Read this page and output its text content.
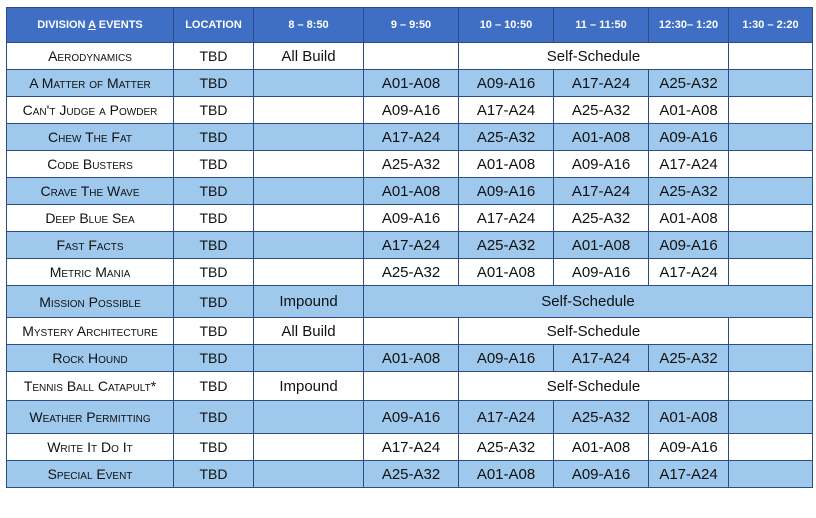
DIVISION A EVENTS	LOCATION	8 – 8:50	9 – 9:50	10 – 10:50	11 – 11:50	12:30– 1:20	1:30 – 2:20
Aerodynamics	TBD	All Build		Self-Schedule			
A Matter of Matter	TBD		A01-A08	A09-A16	A17-A24	A25-A32	
Can't Judge a Powder	TBD		A09-A16	A17-A24	A25-A32	A01-A08	
Chew The Fat	TBD		A17-A24	A25-A32	A01-A08	A09-A16	
Code Busters	TBD		A25-A32	A01-A08	A09-A16	A17-A24	
Crave The Wave	TBD		A01-A08	A09-A16	A17-A24	A25-A32	
Deep Blue Sea	TBD		A09-A16	A17-A24	A25-A32	A01-A08	
Fast Facts	TBD		A17-A24	A25-A32	A01-A08	A09-A16	
Metric Mania	TBD		A25-A32	A01-A08	A09-A16	A17-A24	
Mission Possible	TBD	Impound	Self-Schedule				
Mystery Architecture	TBD	All Build		Self-Schedule			
Rock Hound	TBD		A01-A08	A09-A16	A17-A24	A25-A32	
Tennis Ball Catapult*	TBD	Impound		Self-Schedule			
Weather Permitting	TBD		A09-A16	A17-A24	A25-A32	A01-A08	
Write It Do It	TBD		A17-A24	A25-A32	A01-A08	A09-A16	
Special Event	TBD		A25-A32	A01-A08	A09-A16	A17-A24	
